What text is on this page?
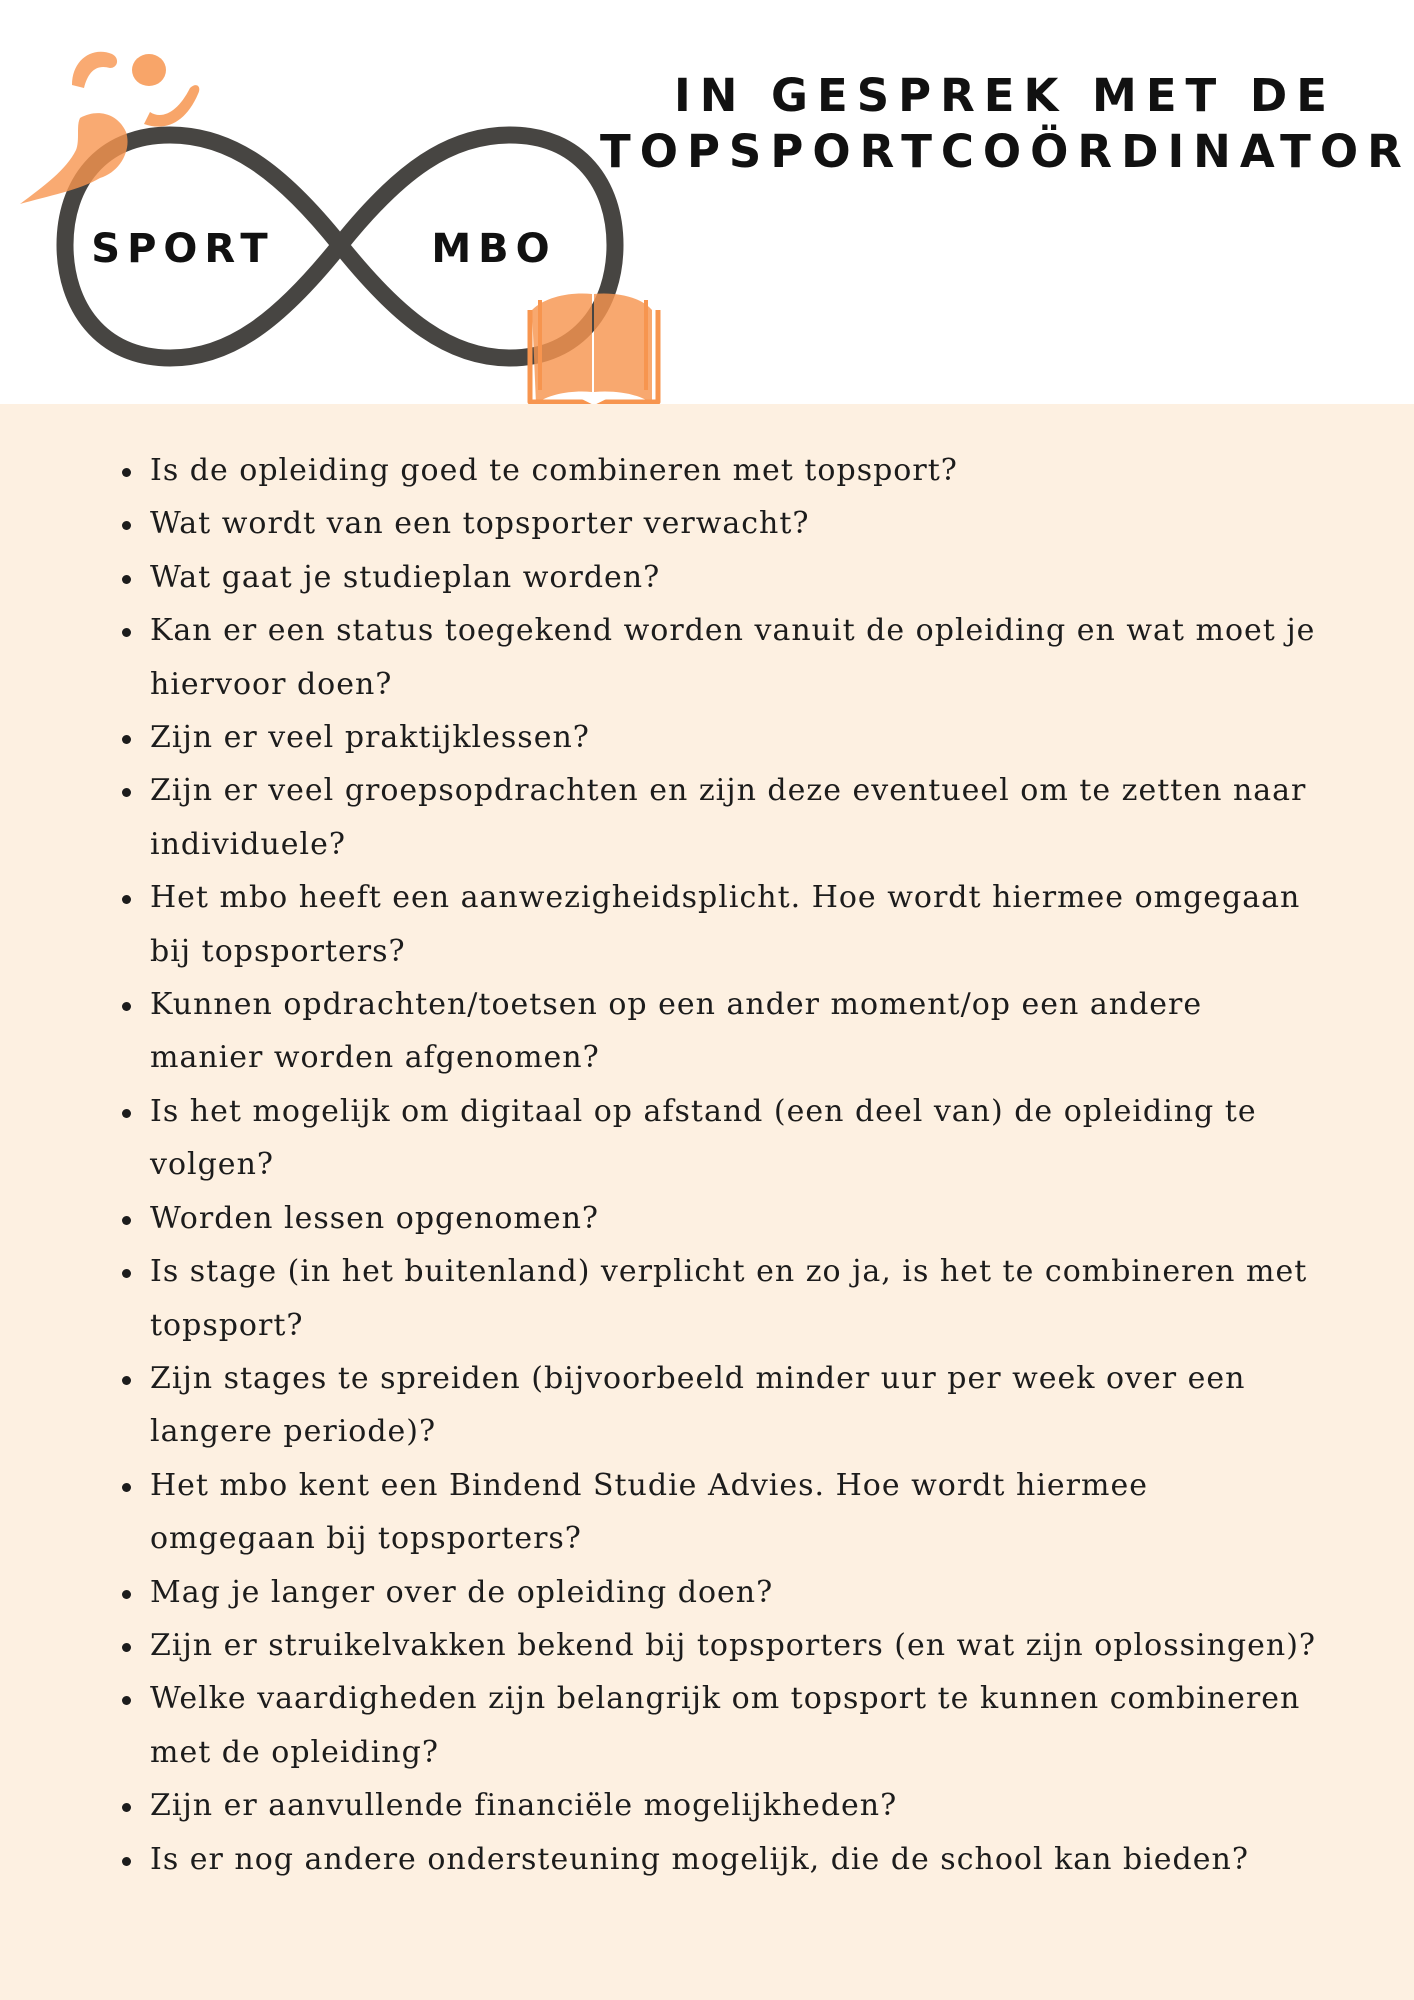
SPORT	MBO
IN GESPREK MET DE
TOPSPORTCOÖRDINATOR
Is de opleiding goed te combineren met topsport?
Wat wordt van een topsporter verwacht?
Wat gaat je studieplan worden?
Kan er een status toegekend worden vanuit de opleiding en wat moet je hiervoor doen?
Zijn er veel praktijklessen?
Zijn er veel groepsopdrachten en zijn deze eventueel om te zetten naar individuele?
Het mbo heeft een aanwezigheidsplicht. Hoe wordt hiermee omgegaan bij topsporters?
Kunnen opdrachten/toetsen op een ander moment/op een andere manier worden afgenomen?
Is het mogelijk om digitaal op afstand (een deel van) de opleiding te volgen?
Worden lessen opgenomen?
Is stage (in het buitenland) verplicht en zo ja, is het te combineren met topsport?
Zijn stages te spreiden (bijvoorbeeld minder uur per week over een langere periode)?
Het mbo kent een Bindend Studie Advies. Hoe wordt hiermee omgegaan bij topsporters?
Mag je langer over de opleiding doen?
Zijn er struikelvakken bekend bij topsporters (en wat zijn oplossingen)?
Welke vaardigheden zijn belangrijk om topsport te kunnen combineren met de opleiding?
Zijn er aanvullende financiële mogelijkheden?
Is er nog andere ondersteuning mogelijk, die de school kan bieden?
